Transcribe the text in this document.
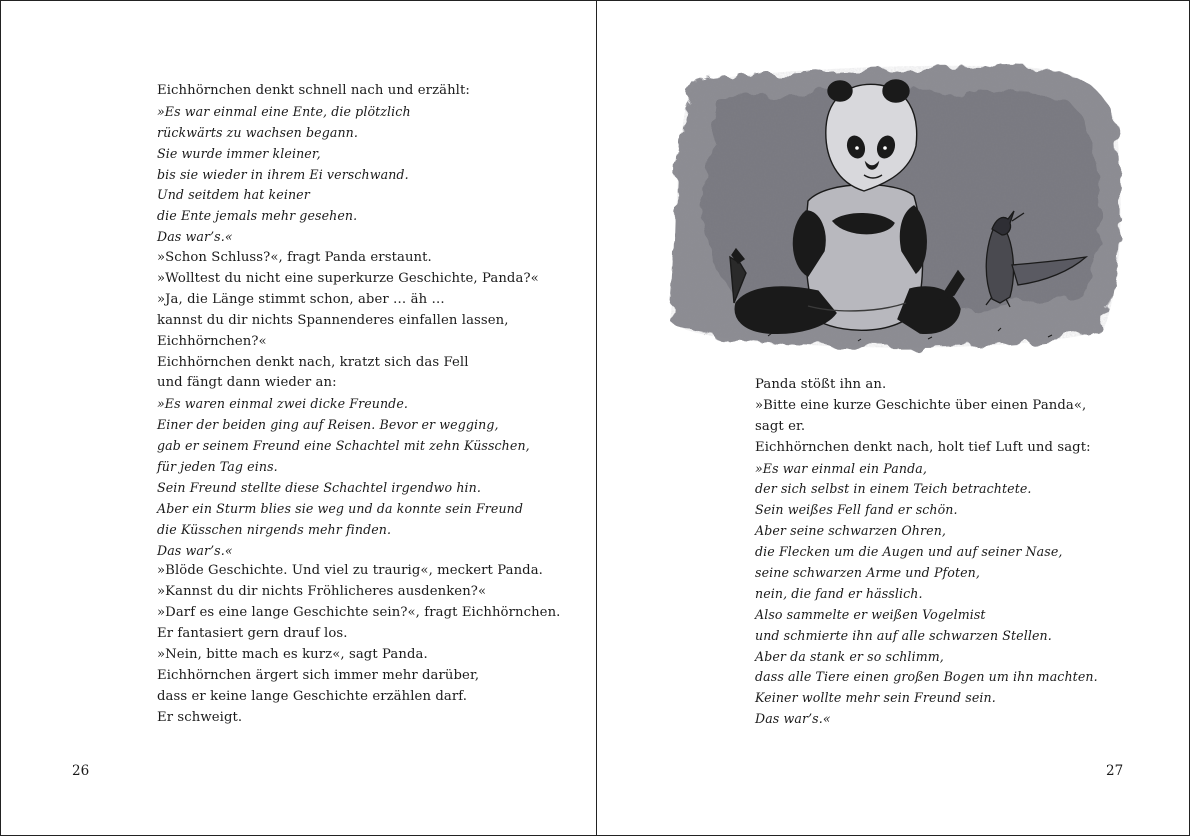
Eichhörnchen denkt schnell nach und erzählt:
»Es war einmal eine Ente, die plötzlich
rückwärts zu wachsen begann.
Sie wurde immer kleiner,
bis sie wieder in ihrem Ei verschwand.
Und seitdem hat keiner
die Ente jemals mehr gesehen.
Das war’s.«
»Schon Schluss?«, fragt Panda erstaunt.
»Wolltest du nicht eine superkurze Geschichte, Panda?«
»Ja, die Länge stimmt schon, aber … äh …
kannst du dir nichts Spannenderes einfallen lassen,
Eichhörnchen?«
Eichhörnchen denkt nach, kratzt sich das Fell
und fängt dann wieder an:
»Es waren einmal zwei dicke Freunde.
Einer der beiden ging auf Reisen. Bevor er wegging,
gab er seinem Freund eine Schachtel mit zehn Küsschen,
für jeden Tag eins.
Sein Freund stellte diese Schachtel irgendwo hin.
Aber ein Sturm blies sie weg und da konnte sein Freund
die Küsschen nirgends mehr finden.
Das war’s.«
»Blöde Geschichte. Und viel zu traurig«, meckert Panda.
»Kannst du dir nichts Fröhlicheres ausdenken?«
»Darf es eine lange Geschichte sein?«, fragt Eichhörnchen.
Er fantasiert gern drauf los.
»Nein, bitte mach es kurz«, sagt Panda.
Eichhörnchen ärgert sich immer mehr darüber,
dass er keine lange Geschichte erzählen darf.
Er schweigt.
26
Panda stößt ihn an.
»Bitte eine kurze Geschichte über einen Panda«,
sagt er.
Eichhörnchen denkt nach, holt tief Luft und sagt:
»Es war einmal ein Panda,
der sich selbst in einem Teich betrachtete.
Sein weißes Fell fand er schön.
Aber seine schwarzen Ohren,
die Flecken um die Augen und auf seiner Nase,
seine schwarzen Arme und Pfoten,
nein, die fand er hässlich.
Also sammelte er weißen Vogelmist
und schmierte ihn auf alle schwarzen Stellen.
Aber da stank er so schlimm,
dass alle Tiere einen großen Bogen um ihn machten.
Keiner wollte mehr sein Freund sein.
Das war’s.«
27
